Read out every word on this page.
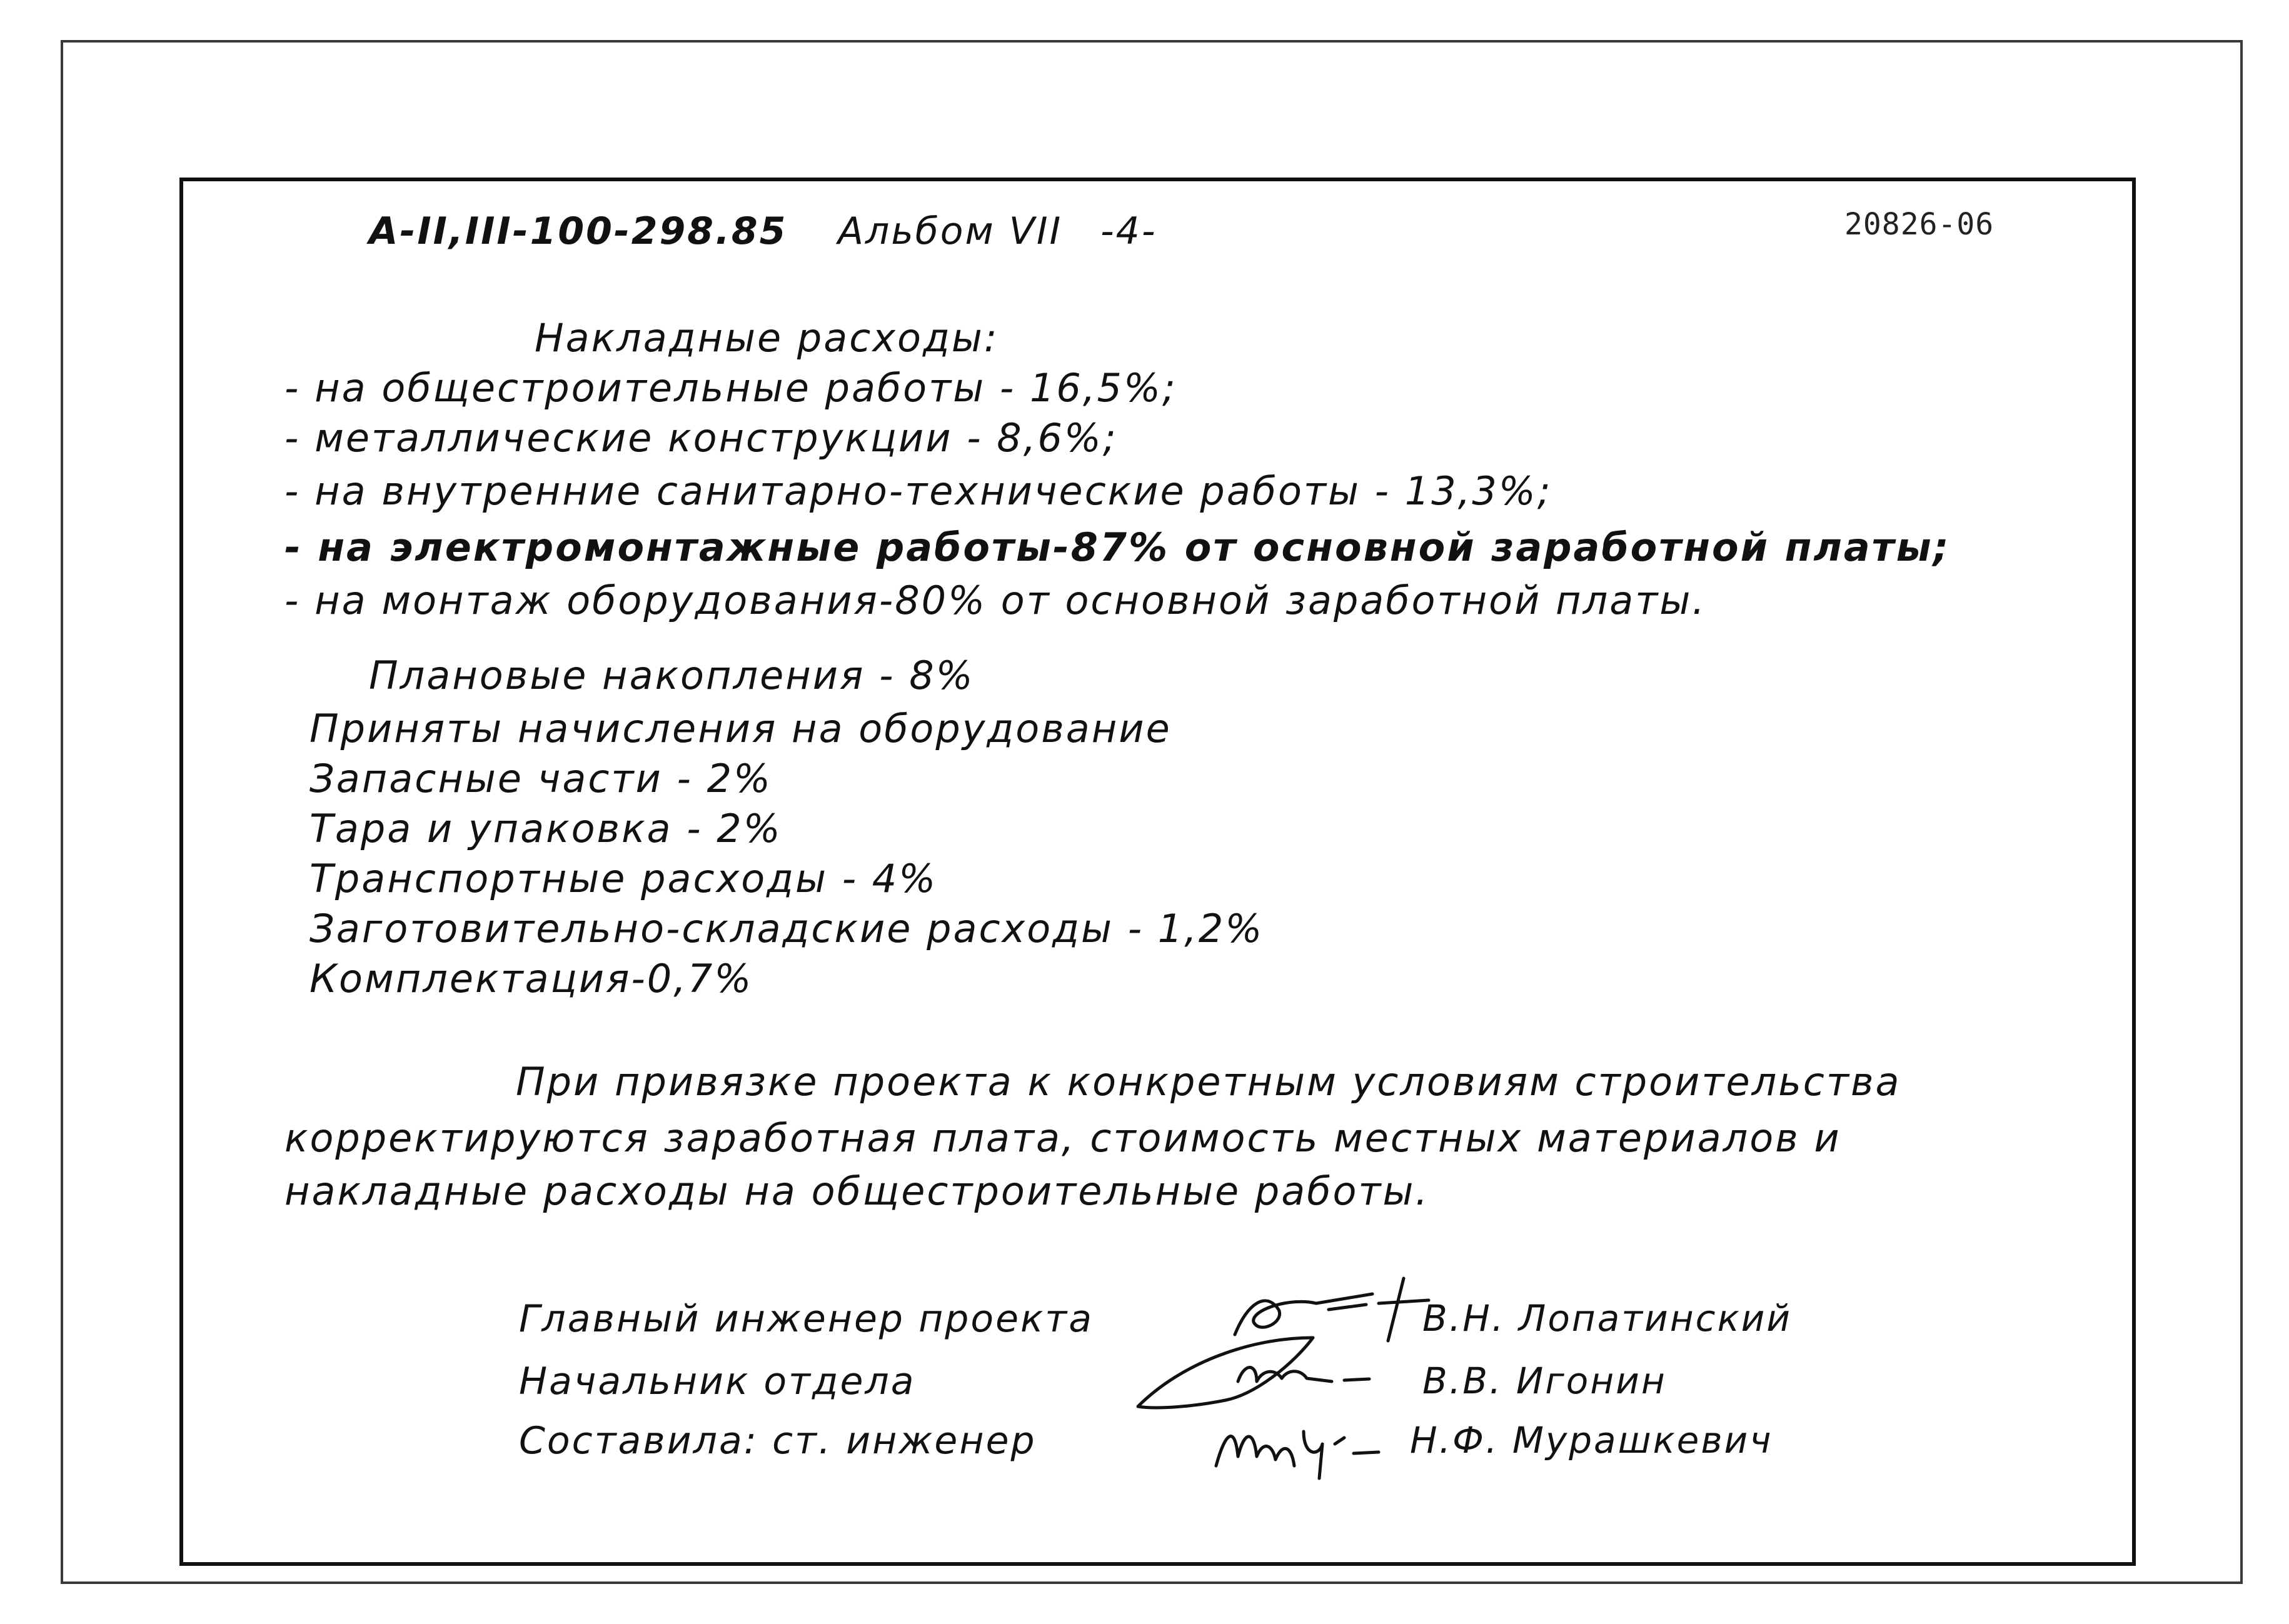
А-II,III-100-298.85 Альбом VII -4-	20826-06
Накладные расходы:
- на общестроительные работы - 16,5%;
- металлические конструкции - 8,6%;
- на внутренние санитарно-технические работы - 13,3%;
- на электромонтажные работы-87% от основной заработной платы;
- на монтаж оборудования-80% от основной заработной платы.
Плановые накопления - 8%
Приняты начисления на оборудование
Запасные части - 2%
Тара и упаковка - 2%
Транспортные расходы - 4%
Заготовительно-складские расходы - 1,2%
Комплектация-0,7%
При привязке проекта к конкретным условиям строительства
корректируются заработная плата, стоимость местных материалов и
накладные расходы на общестроительные работы.
Главный инженер проекта	В.Н. Лопатинский
Начальник отдела	В.В. Игонин
Составила: ст. инженер	Н.Ф. Мурашкевич
